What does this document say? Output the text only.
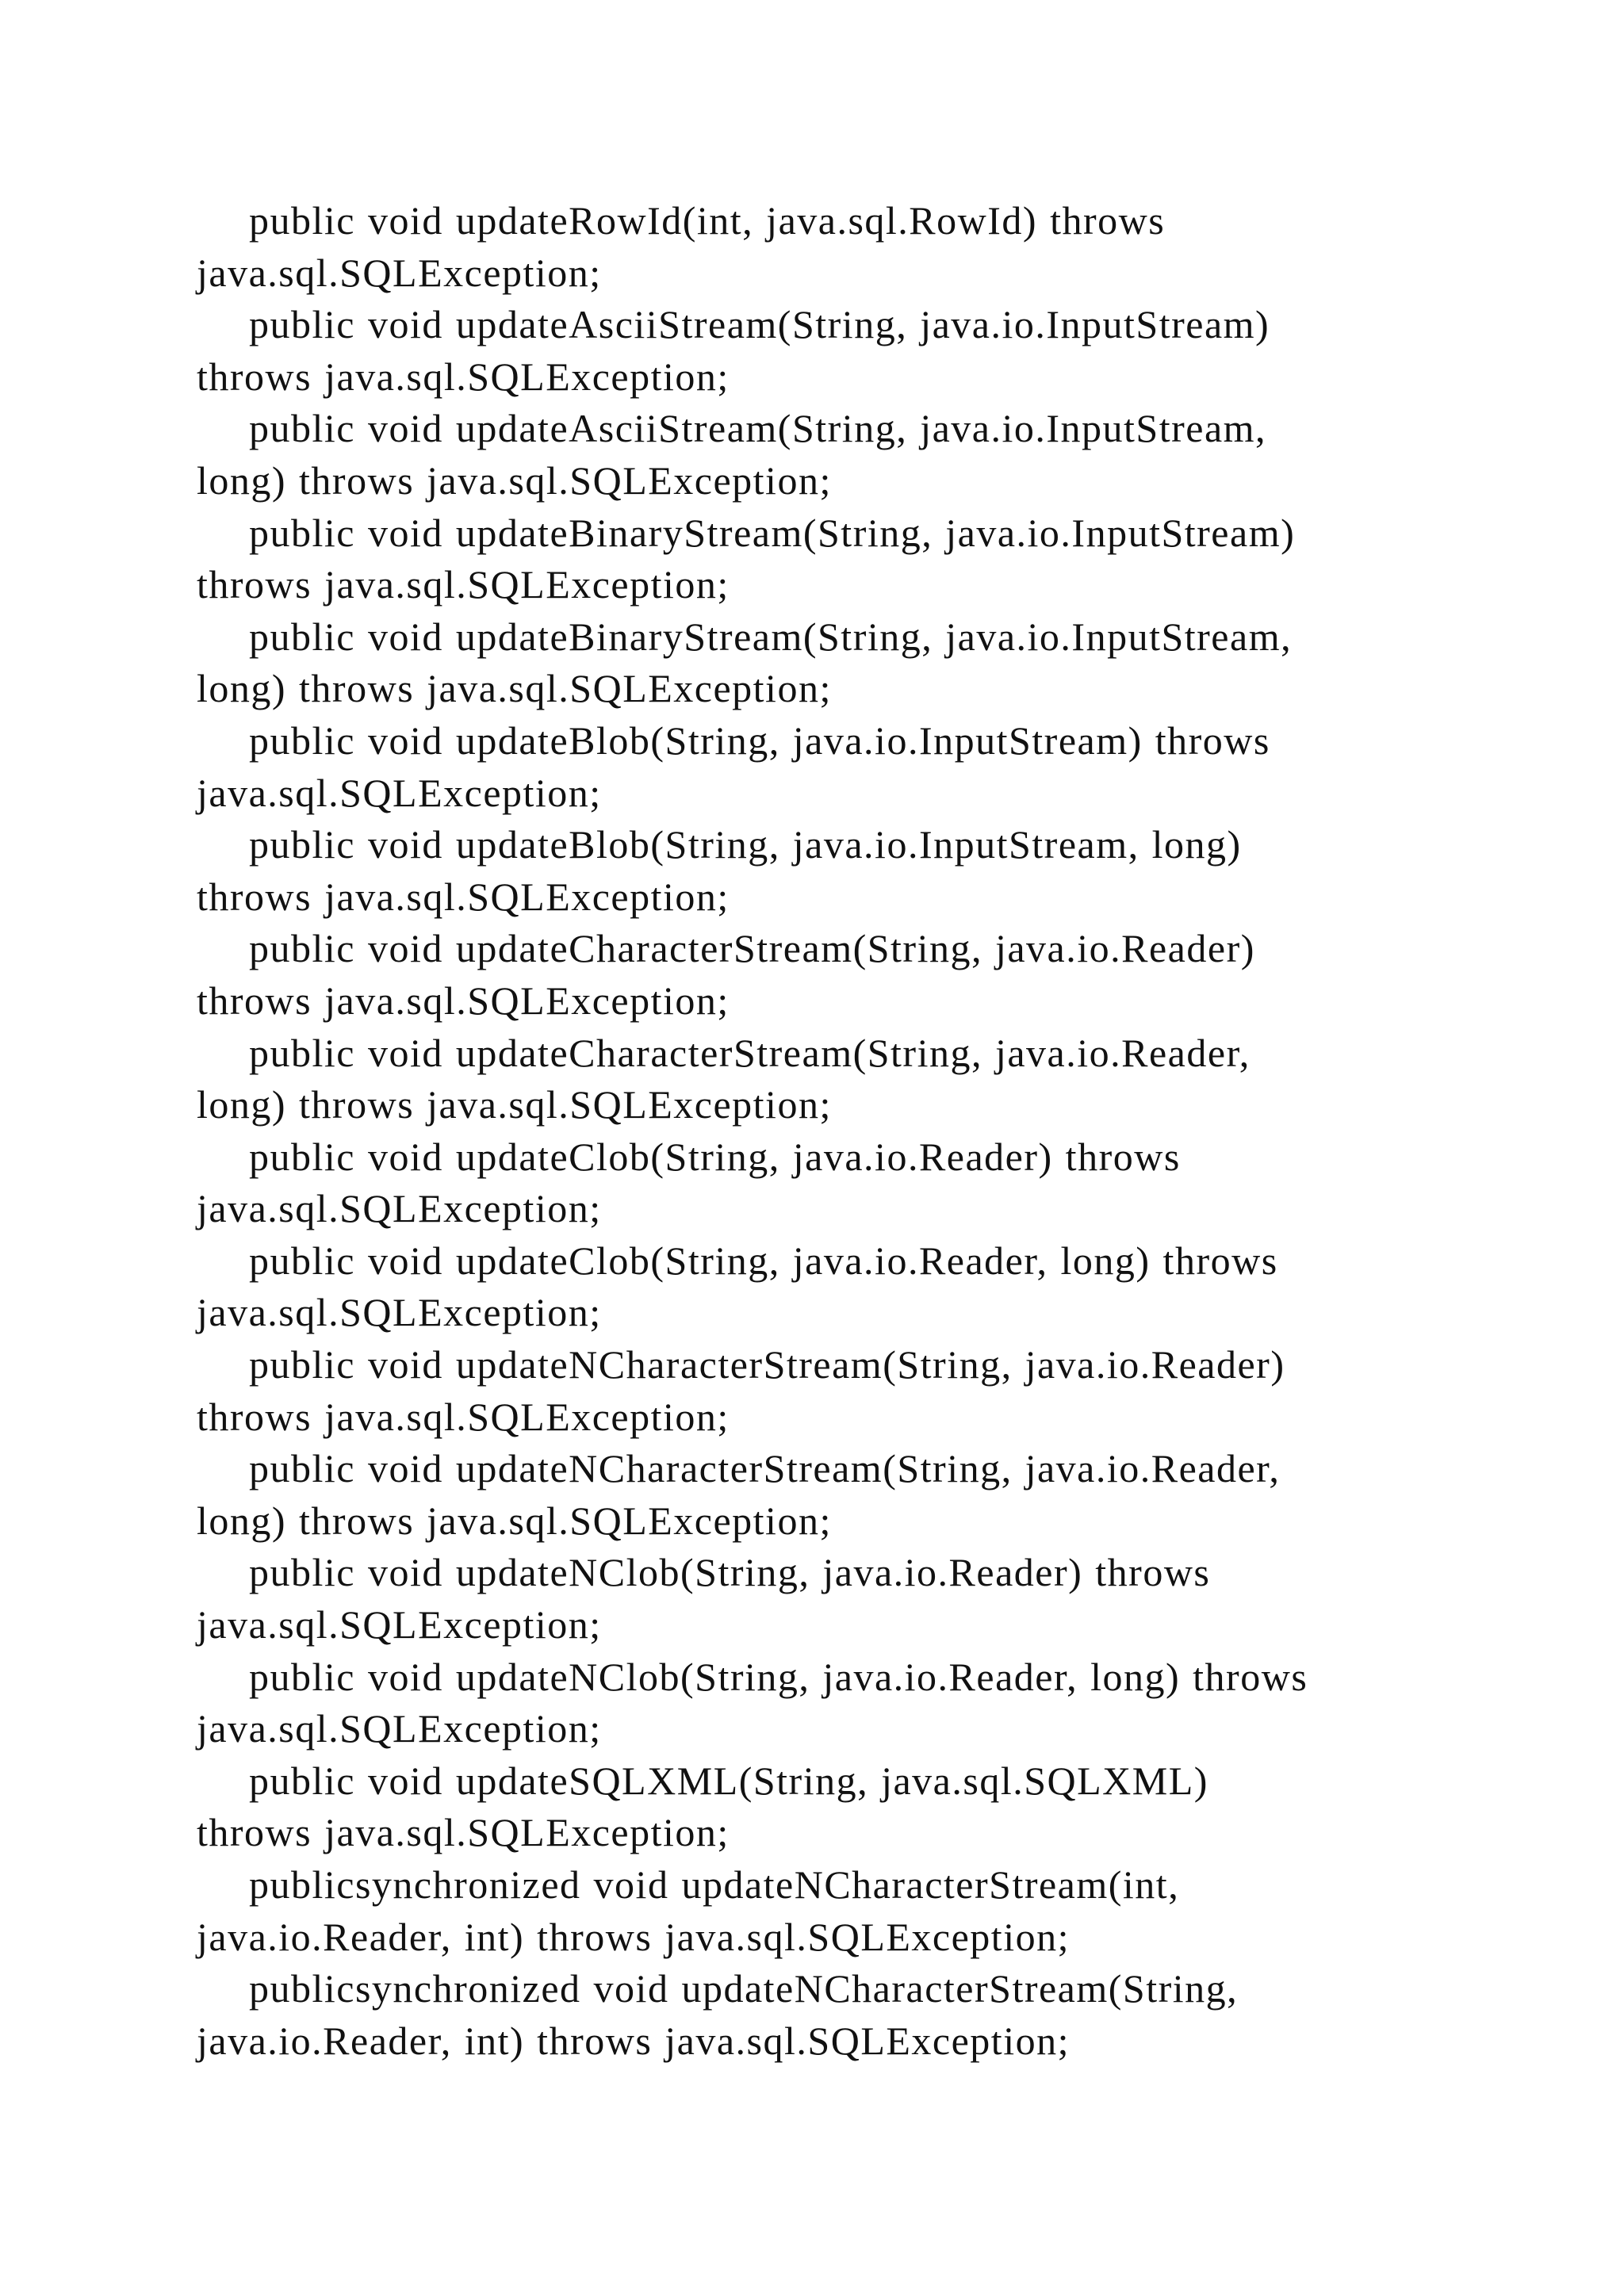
public void updateRowId(int, java.sql.RowId) throws
java.sql.SQLException;
public void updateAsciiStream(String, java.io.InputStream)
throws java.sql.SQLException;
public void updateAsciiStream(String, java.io.InputStream,
long) throws java.sql.SQLException;
public void updateBinaryStream(String, java.io.InputStream)
throws java.sql.SQLException;
public void updateBinaryStream(String, java.io.InputStream,
long) throws java.sql.SQLException;
public void updateBlob(String, java.io.InputStream) throws
java.sql.SQLException;
public void updateBlob(String, java.io.InputStream, long)
throws java.sql.SQLException;
public void updateCharacterStream(String, java.io.Reader)
throws java.sql.SQLException;
public void updateCharacterStream(String, java.io.Reader,
long) throws java.sql.SQLException;
public void updateClob(String, java.io.Reader) throws
java.sql.SQLException;
public void updateClob(String, java.io.Reader, long) throws
java.sql.SQLException;
public void updateNCharacterStream(String, java.io.Reader)
throws java.sql.SQLException;
public void updateNCharacterStream(String, java.io.Reader,
long) throws java.sql.SQLException;
public void updateNClob(String, java.io.Reader) throws
java.sql.SQLException;
public void updateNClob(String, java.io.Reader, long) throws
java.sql.SQLException;
public void updateSQLXML(String, java.sql.SQLXML)
throws java.sql.SQLException;
publicsynchronized void updateNCharacterStream(int,
java.io.Reader, int) throws java.sql.SQLException;
publicsynchronized void updateNCharacterStream(String,
java.io.Reader, int) throws java.sql.SQLException;
